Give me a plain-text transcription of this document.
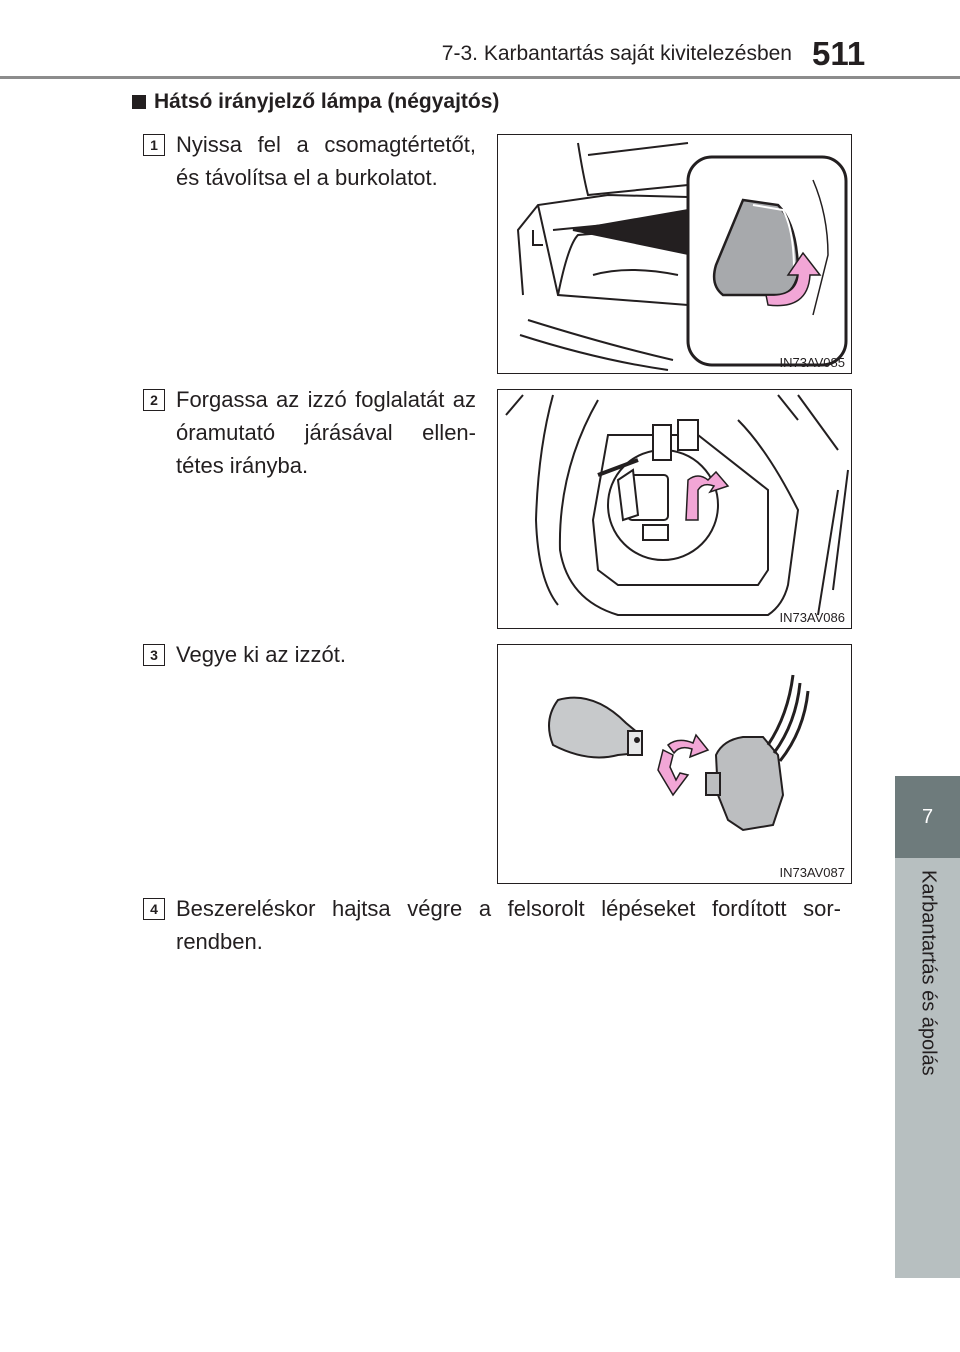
7-3. Karbantartás saját kivitelezésben 511
7
Karbantartás és ápolás
Hátsó irányjelző lámpa (négyajtós)
1 Nyissa fel a csomagtértetőt, és távolítsa el a burkolatot.
IN73AV085
2 Forgassa az izzó foglalatát az óramutató járásával ellen-tétes irányba.
IN73AV086
3 Vegye ki az izzót.
IN73AV087
4 Beszereléskor hajtsa végre a felsorolt lépéseket fordított sor-rendben.
